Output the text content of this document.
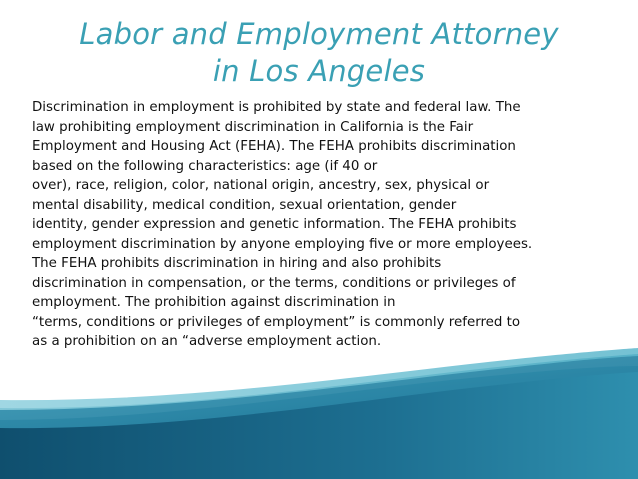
Labor and Employment Attorney
in Los Angeles
Discrimination in employment is prohibited by state and federal law. The
law prohibiting employment discrimination in California is the Fair
Employment and Housing Act (FEHA). The FEHA prohibits discrimination
based on the following characteristics: age (if 40 or
over), race, religion, color, national origin, ancestry, sex, physical or
mental disability, medical condition, sexual orientation, gender
identity, gender expression and genetic information. The FEHA prohibits
employment discrimination by anyone employing five or more employees.
The FEHA prohibits discrimination in hiring and also prohibits
discrimination in compensation, or the terms, conditions or privileges of
employment. The prohibition against discrimination in
“terms, conditions or privileges of employment” is commonly referred to
as a prohibition on an “adverse employment action.
